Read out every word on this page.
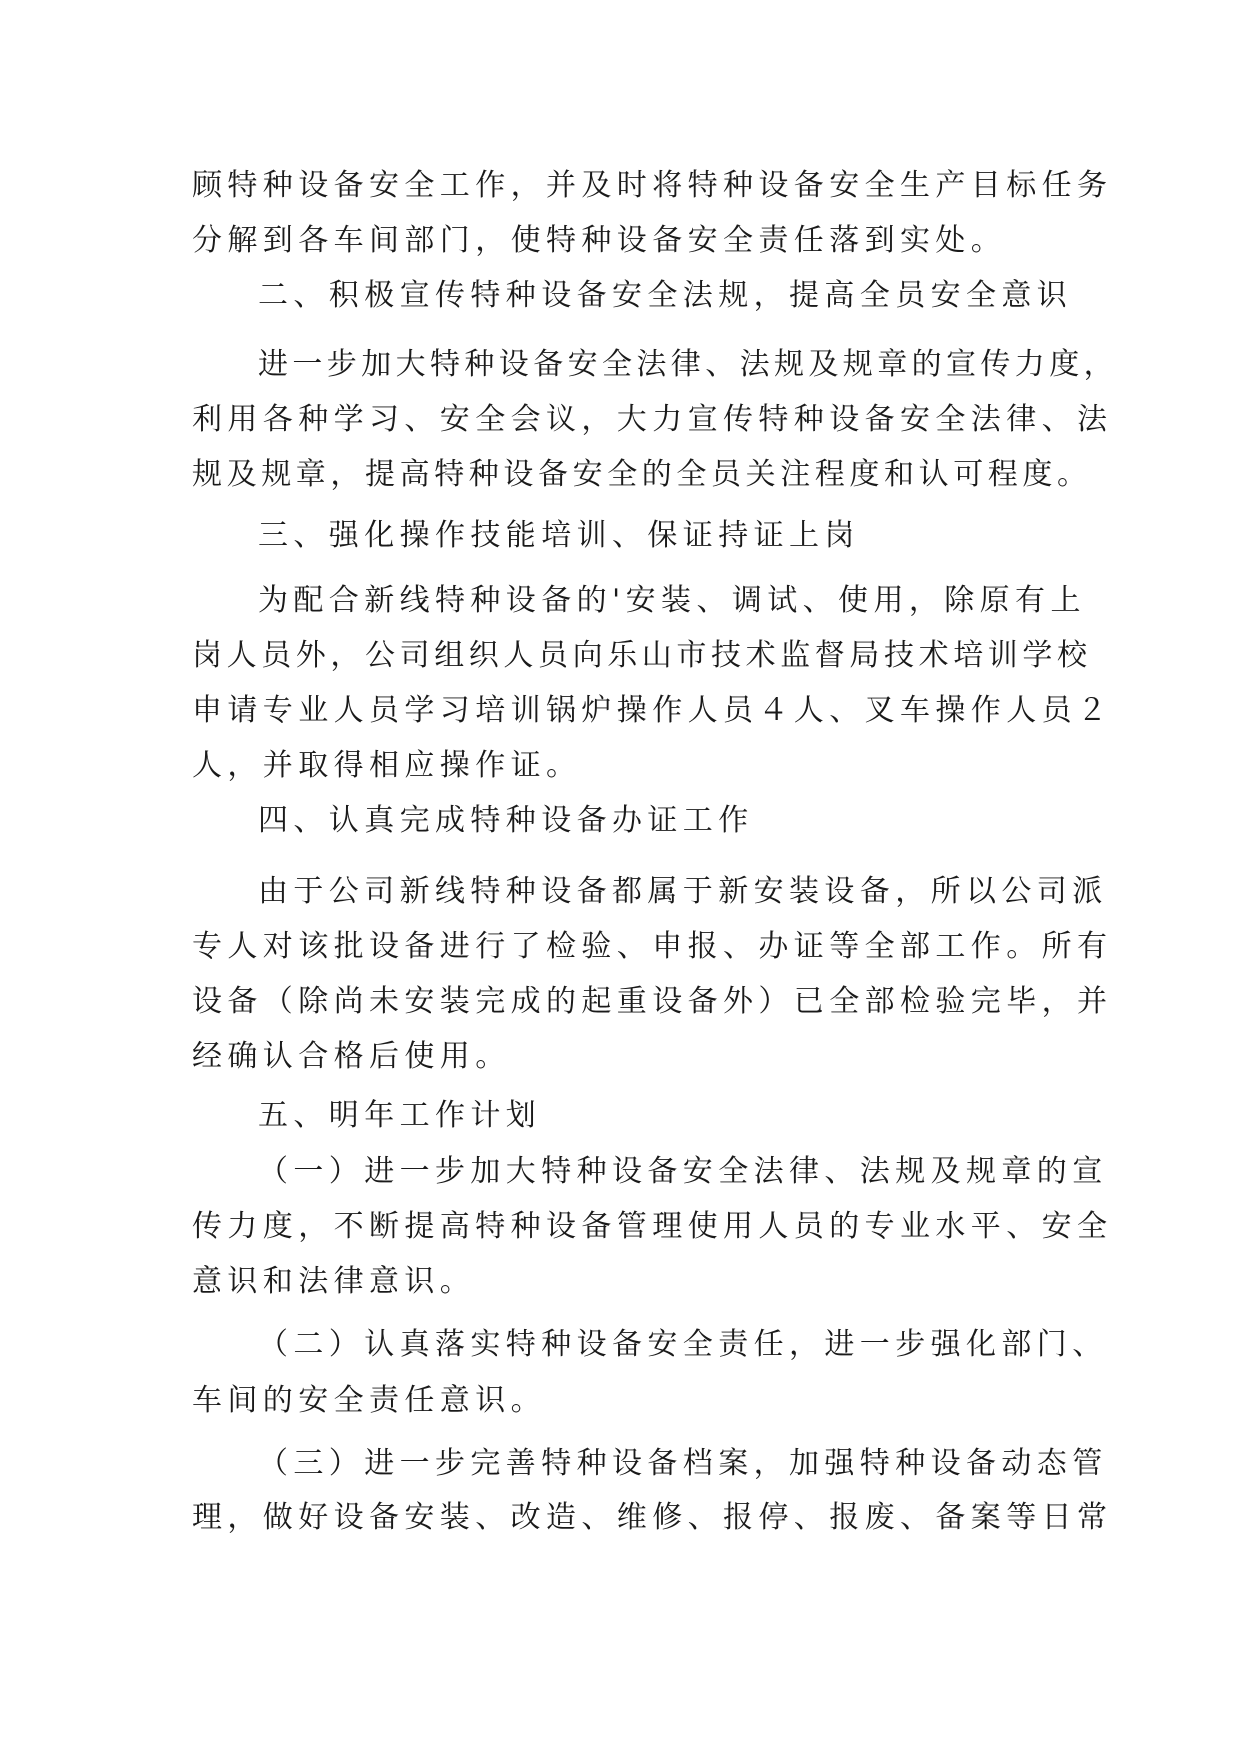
顾特种设备安全工作，并及时将特种设备安全生产目标任务
分解到各车间部门，使特种设备安全责任落到实处。
二、积极宣传特种设备安全法规，提高全员安全意识
进一步加大特种设备安全法律、法规及规章的宣传力度，
利用各种学习、安全会议，大力宣传特种设备安全法律、法
规及规章，提高特种设备安全的全员关注程度和认可程度。
三、强化操作技能培训、保证持证上岗
为配合新线特种设备的'安装、调试、使用，除原有上
岗人员外，公司组织人员向乐山市技术监督局技术培训学校
申请专业人员学习培训锅炉操作人员４人、叉车操作人员２
人，并取得相应操作证。
四、认真完成特种设备办证工作
由于公司新线特种设备都属于新安装设备，所以公司派
专人对该批设备进行了检验、申报、办证等全部工作。所有
设备（除尚未安装完成的起重设备外）已全部检验完毕，并
经确认合格后使用。
五、明年工作计划
（一）进一步加大特种设备安全法律、法规及规章的宣
传力度，不断提高特种设备管理使用人员的专业水平、安全
意识和法律意识。
（二）认真落实特种设备安全责任，进一步强化部门、
车间的安全责任意识。
（三）进一步完善特种设备档案，加强特种设备动态管
理，做好设备安装、改造、维修、报停、报废、备案等日常
